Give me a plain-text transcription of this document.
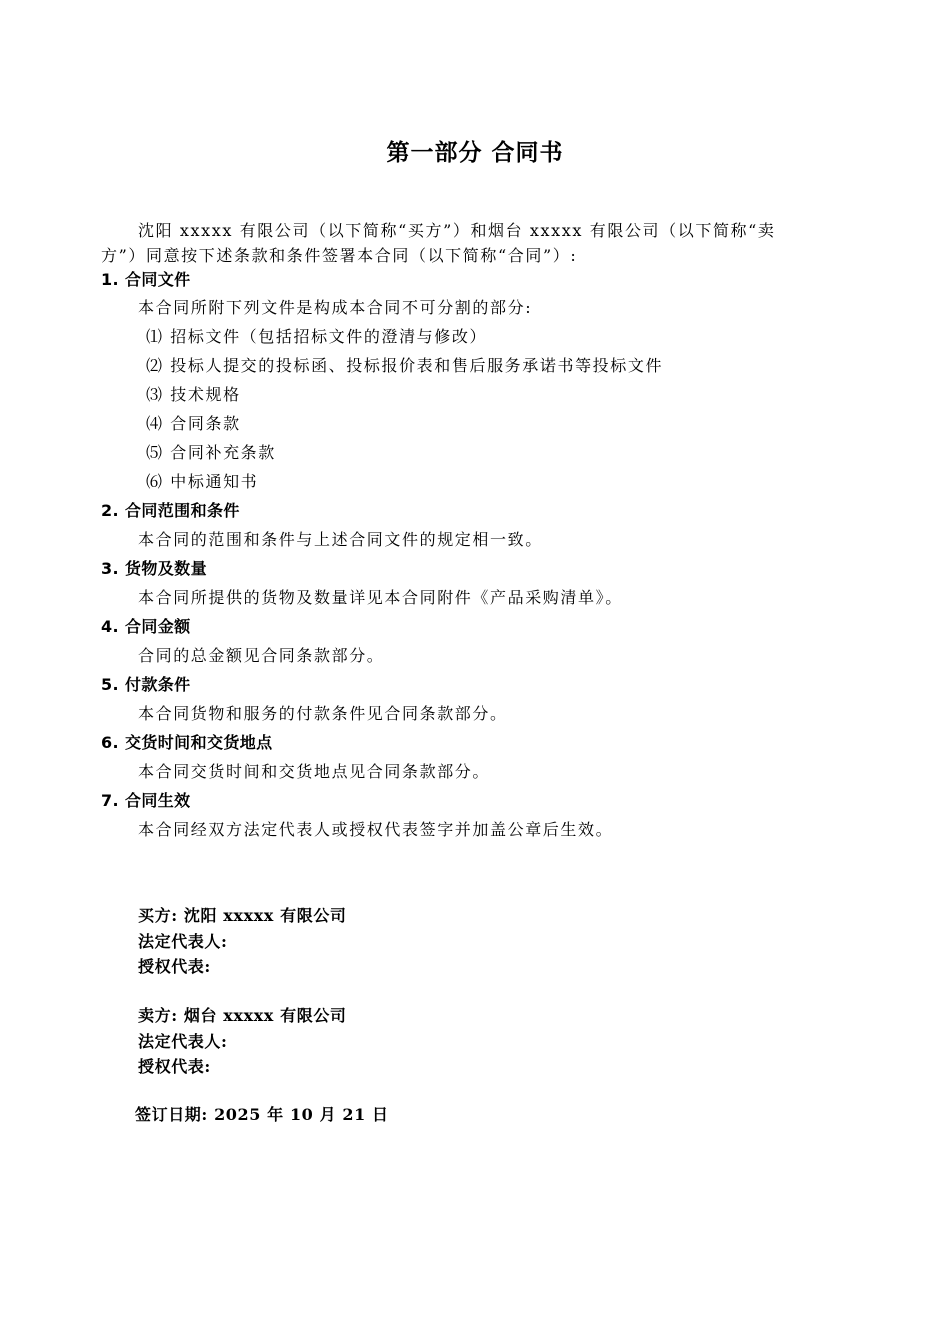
第一部分 合同书
沈阳 xxxxx 有限公司（以下简称“买方”）和烟台 xxxxx 有限公司（以下简称“卖
方”）同意按下述条款和条件签署本合同（以下简称“合同”）:
1. 合同文件
本合同所附下列文件是构成本合同不可分割的部分:
⑴ 招标文件（包括招标文件的澄清与修改）
⑵ 投标人提交的投标函、投标报价表和售后服务承诺书等投标文件
⑶ 技术规格
⑷ 合同条款
⑸ 合同补充条款
⑹ 中标通知书
2. 合同范围和条件
本合同的范围和条件与上述合同文件的规定相一致。
3. 货物及数量
本合同所提供的货物及数量详见本合同附件《产品采购清单》。
4. 合同金额
合同的总金额见合同条款部分。
5. 付款条件
本合同货物和服务的付款条件见合同条款部分。
6. 交货时间和交货地点
本合同交货时间和交货地点见合同条款部分。
7. 合同生效
本合同经双方法定代表人或授权代表签字并加盖公章后生效。
买方: 沈阳 xxxxx 有限公司
法定代表人:
授权代表:
卖方: 烟台 xxxxx 有限公司
法定代表人:
授权代表:
签订日期: 2025 年 10 月 21 日
